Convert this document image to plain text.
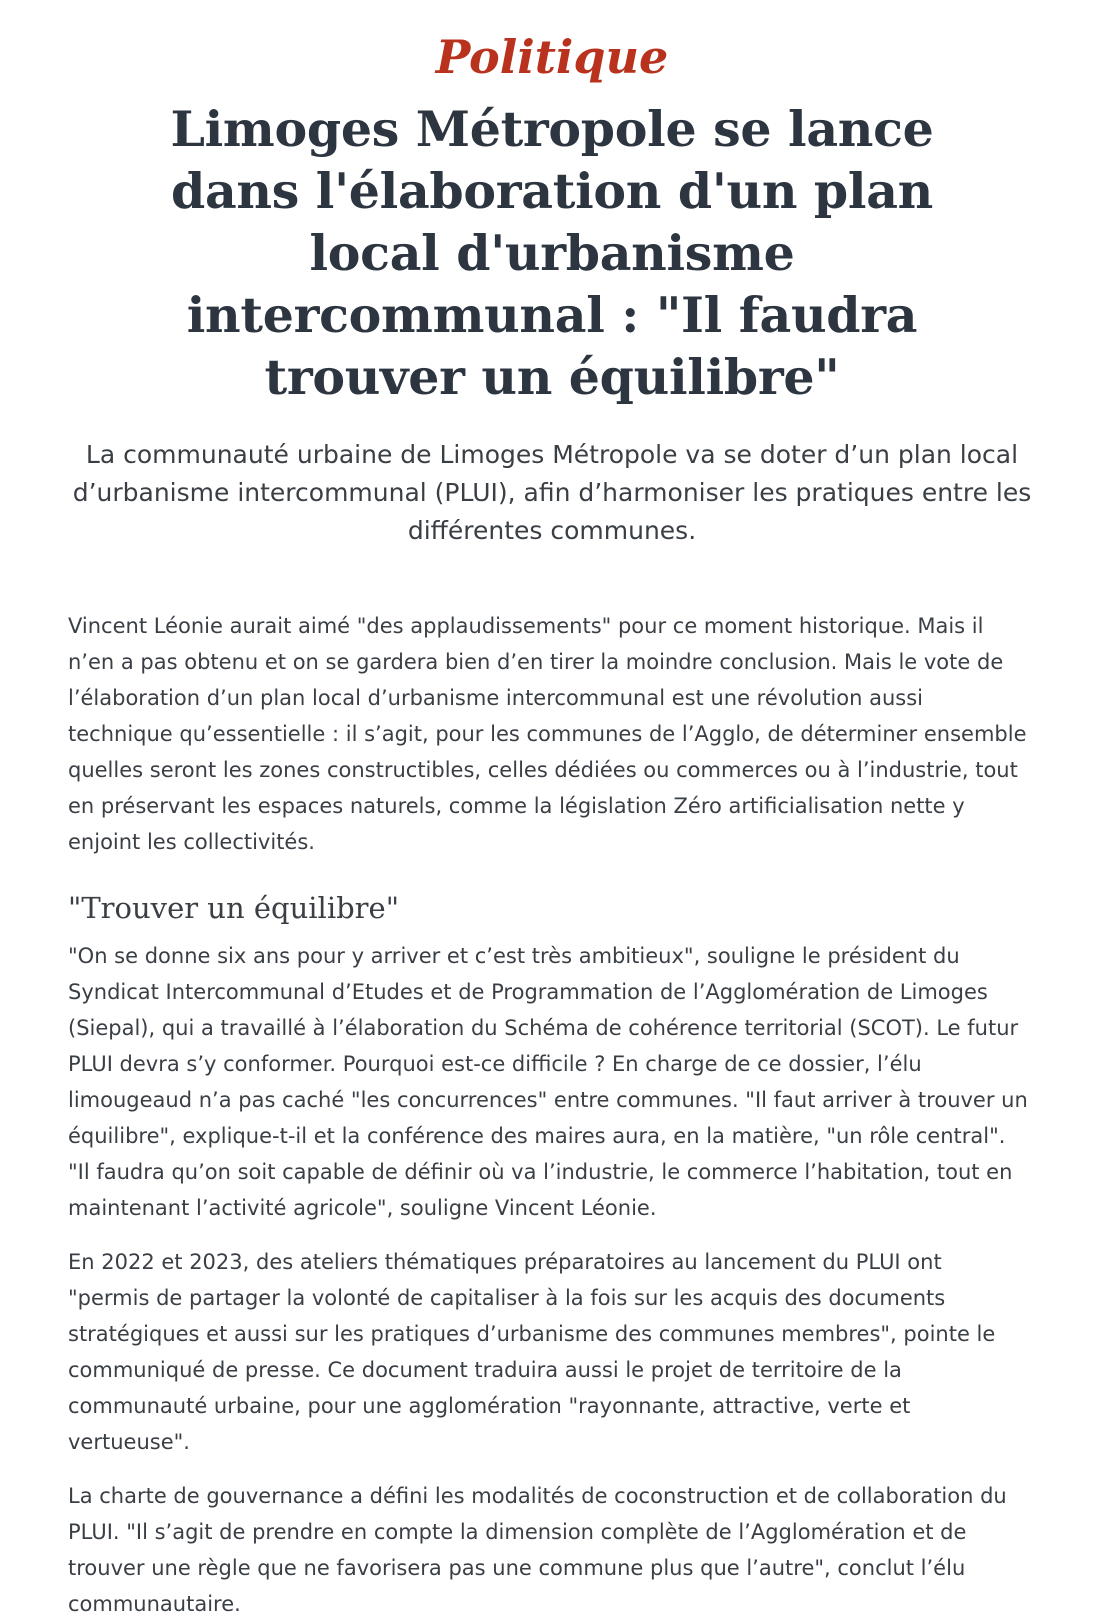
Politique
Limoges Métropole se lance dans l'élaboration d'un plan local d'urbanisme intercommunal : "Il faudra trouver un équilibre"

La communauté urbaine de Limoges Métropole va se doter d’un plan local d’urbanisme intercommunal (PLUI), afin d’harmoniser les pratiques entre les différentes communes.

Vincent Léonie aurait aimé "des applaudissements" pour ce moment historique. Mais il n’en a pas obtenu et on se gardera bien d’en tirer la moindre conclusion. Mais le vote de l’élaboration d’un plan local d’urbanisme intercommunal est une révolution aussi technique qu’essentielle : il s’agit, pour les communes de l’Agglo, de déterminer ensemble quelles seront les zones constructibles, celles dédiées ou commerces ou à l’industrie, tout en préservant les espaces naturels, comme la législation Zéro artificialisation nette y enjoint les collectivités.

"Trouver un équilibre"

"On se donne six ans pour y arriver et c’est très ambitieux", souligne le président du Syndicat Intercommunal d’Etudes et de Programmation de l’Agglomération de Limoges (Siepal), qui a travaillé à l’élaboration du Schéma de cohérence territorial (SCOT). Le futur PLUI devra s’y conformer. Pourquoi est-ce difficile ? En charge de ce dossier, l’élu limougeaud n’a pas caché "les concurrences" entre communes. "Il faut arriver à trouver un équilibre", explique-t-il et la conférence des maires aura, en la matière, "un rôle central". "Il faudra qu’on soit capable de définir où va l’industrie, le commerce l’habitation, tout en maintenant l’activité agricole", souligne Vincent Léonie.

En 2022 et 2023, des ateliers thématiques préparatoires au lancement du PLUI ont "permis de partager la volonté de capitaliser à la fois sur les acquis des documents stratégiques et aussi sur les pratiques d’urbanisme des communes membres", pointe le communiqué de presse. Ce document traduira aussi le projet de territoire de la communauté urbaine, pour une agglomération "rayonnante, attractive, verte et vertueuse".

La charte de gouvernance a défini les modalités de coconstruction et de collaboration du PLUI. "Il s’agit de prendre en compte la dimension complète de l’Agglomération et de trouver une règle que ne favorisera pas une commune plus que l’autre", conclut l’élu communautaire.
